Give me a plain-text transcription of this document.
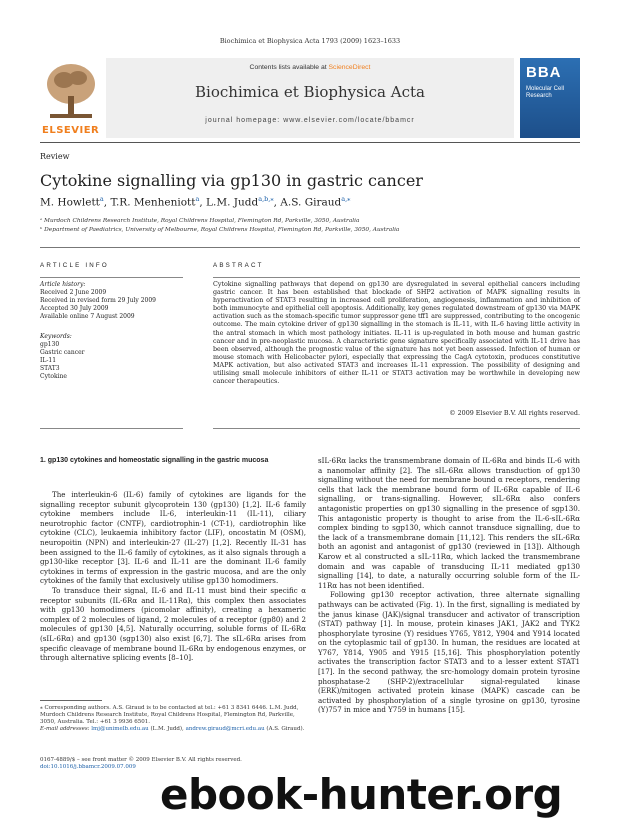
Biochimica et Biophysica Acta 1793 (2009) 1623–1633
ELSEVIER
Contents lists available at ScienceDirect
Biochimica et Biophysica Acta
journal homepage: www.elsevier.com/locate/bbamcr
BBA
Molecular Cell Research
Review
Cytokine signalling via gp130 in gastric cancer
M. Howlett$^a$, T.R. Menheniott$^a$, L.M. Judd$^{a,b,⁎}$, A.S. Giraud$^{a,⁎}$
ᵃ Murdoch Childrens Research Institute, Royal Childrens Hospital, Flemington Rd, Parkville, 3050, Australia
ᵇ Department of Paediatrics, University of Melbourne, Royal Childrens Hospital, Flemington Rd, Parkville, 3050, Australia
ARTICLE INFO	ABSTRACT
Article history:
Received 2 June 2009
Received in revised form 29 July 2009
Accepted 30 July 2009
Available online 7 August 2009
Keywords:
gp130
Gastric cancer
IL-11
STAT3
Cytokine
Cytokine signalling pathways that depend on gp130 are dysregulated in several epithelial cancers including gastric cancer. It has been established that blockade of SHP2 activation of MAPK signalling results in hyperactivation of STAT3 resulting in increased cell proliferation, angiogenesis, inflammation and inhibition of both immunocyte and epithelial cell apoptosis. Additionally, key genes regulated downstream of gp130 via MAPK activation such as the stomach-specific tumor suppressor gene tff1 are suppressed, contributing to the oncogenic outcome. The main cytokine driver of gp130 signalling in the stomach is IL-11, with IL-6 having little activity in the antral stomach in which most pathology initiates. IL-11 is up-regulated in both mouse and human gastric cancer and in pre-neoplastic mucosa. A characteristic gene signature specifically associated with IL-11 drive has been observed, although the prognostic value of the signature has not yet been assessed. Infection of human or mouse stomach with Helicobacter pylori, especially that expressing the CagA cytotoxin, produces constitutive MAPK activation, but also activated STAT3 and increases IL-11 expression. The possibility of designing and utilising small molecule inhibitors of either IL-11 or STAT3 activation may be worthwhile in developing new cancer therapeutics.
© 2009 Elsevier B.V. All rights reserved.
1. gp130 cytokines and homeostatic signalling in the gastric mucosa

The interleukin-6 (IL-6) family of cytokines are ligands for the signalling receptor subunit glycoprotein 130 (gp130) [1,2]. IL-6 family cytokine members include IL-6, interleukin-11 (IL-11), ciliary neurotrophic factor (CNTF), cardiotrophin-1 (CT-1), cardiotrophin like cytokine (CLC), leukaemia inhibitory factor (LIF), oncostatin M (OSM), neuropoitin (NPN) and interleukin-27 (IL-27) [1,2]. Recently IL-31 has been assigned to the IL-6 family of cytokines, as it also signals through a gp130-like receptor [3]. IL-6 and IL-11 are the dominant IL-6 family cytokines in terms of expression in the gastric mucosa, and are the only cytokines of the family that exclusively utilise gp130 homodimers.

To transduce their signal, IL-6 and IL-11 must bind their specific α receptor subunits (IL-6Rα and IL-11Rα), this complex then associates with gp130 homodimers (picomolar affinity), creating a hexameric complex of 2 molecules of ligand, 2 molecules of α receptor (gp80) and 2 molecules of gp130 [4,5]. Naturally occurring, soluble forms of IL-6Rα (sIL-6Rα) and gp130 (sgp130) also exist [6,7]. The sIL-6Rα arises from specific cleavage of membrane bound IL-6Rα by endogenous enzymes, or through alternative splicing events [8–10].

sIL-6Rα lacks the transmembrane domain of IL-6Rα and binds IL-6 with a nanomolar affinity [2]. The sIL-6Rα allows transduction of gp130 signalling without the need for membrane bound α receptors, rendering cells that lack the membrane bound form of IL-6Rα capable of IL-6 signalling, or trans-signalling. However, sIL-6Rα also confers antagonistic properties on gp130 signalling in the presence of sgp130. This antagonistic property is thought to arise from the IL-6-sIL-6Rα complex binding to sgp130, which cannot transduce signalling, due to the lack of a transmembrane domain [11,12]. This renders the sIL-6Rα both an agonist and antagonist of gp130 (reviewed in [13]). Although Karow et al constructed a sIL-11Rα, which lacked the transmembrane domain and was capable of transducing IL-11 mediated gp130 signalling [14], to date, a naturally occurring soluble form of the IL-11Rα has not been identified.

Following gp130 receptor activation, three alternate signalling pathways can be activated (Fig. 1). In the first, signalling is mediated by the janus kinase (JAK)/signal transducer and activator of transcription (STAT) pathway [1]. In mouse, protein kinases JAK1, JAK2 and TYK2 phosphorylate tyrosine (Y) residues Y765, Y812, Y904 and Y914 located on the cytoplasmic tail of gp130. In human, the residues are located at Y767, Y814, Y905 and Y915 [15,16]. This phosphorylation potently activates the transcription factor STAT3 and to a lesser extent STAT1 [17]. In the second pathway, the src-homology domain protein tyrosine phosphatase-2 (SHP-2)/extracellular signal-regulated kinase (ERK)/mitogen activated protein kinase (MAPK) cascade can be activated by phosphorylation of a single tyrosine on gp130, tyrosine (Y)757 in mice and Y759 in humans [15].

⁎ Corresponding authors. A.S. Giraud is to be contacted at tel.: +61 3 8341 6446. L.M. Judd, Murdoch Childrens Research Institute, Royal Childrens Hospital, Flemington Rd, Parkville, 3050, Australia. Tel.: +61 3 9936 6501.
E-mail addresses: lmj@unimelb.edu.au (L.M. Judd), andrew.giraud@mcri.edu.au (A.S. Giraud).
0167-4889/$ – see front matter © 2009 Elsevier B.V. All rights reserved.
doi:10.1016/j.bbamcr.2009.07.009
ebook-hunter.org
